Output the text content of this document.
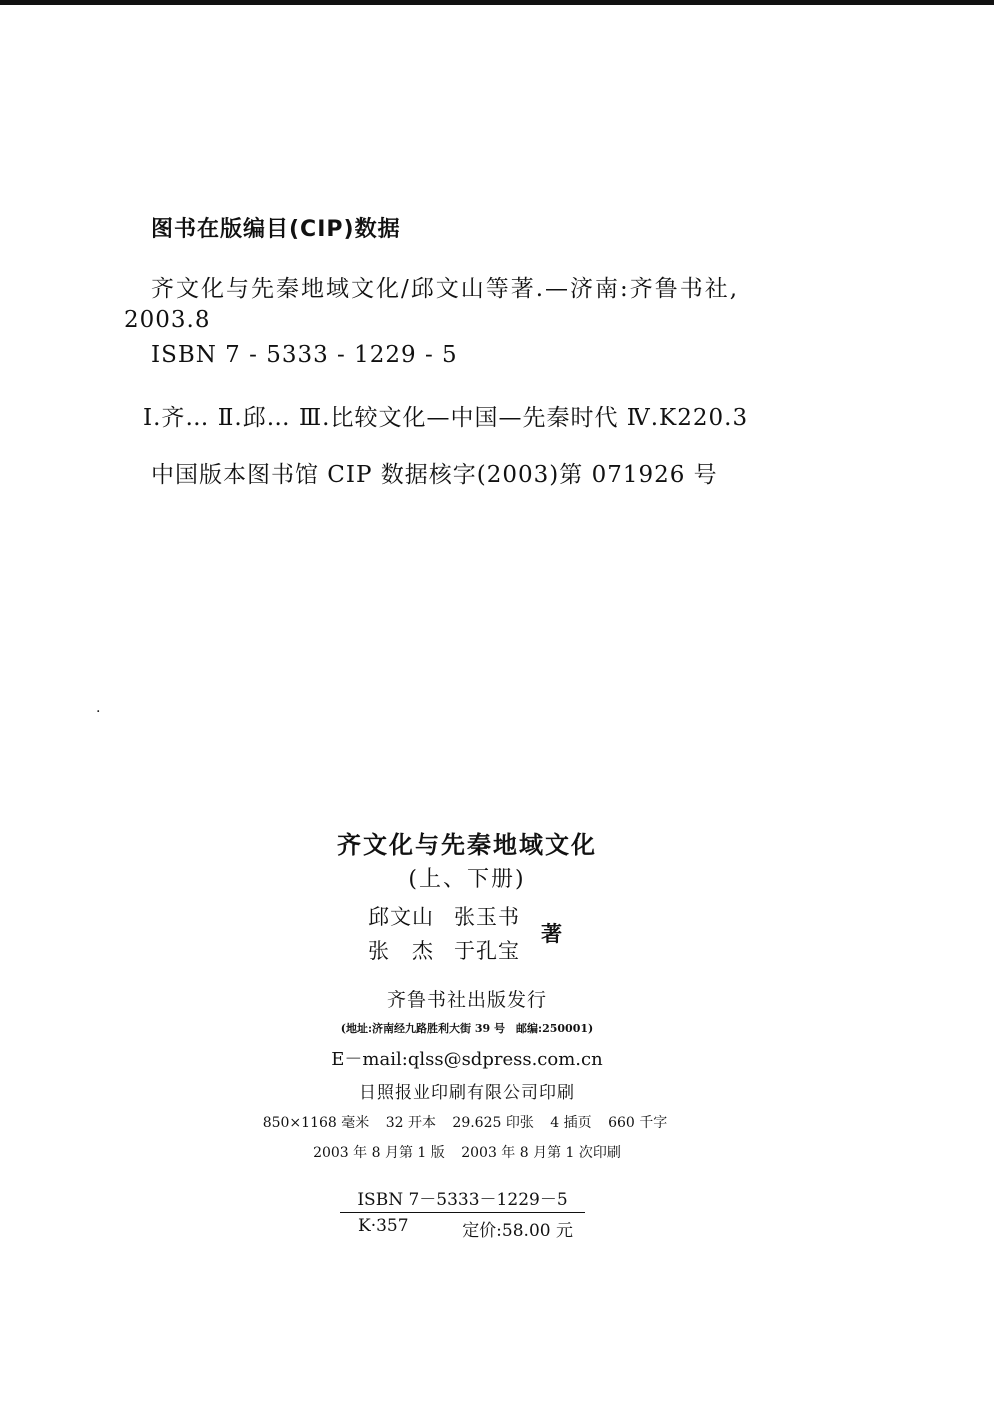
图书在版编目(CIP)数据
齐文化与先秦地域文化/邱文山等著.—济南:齐鲁书社,
2003.8
ISBN 7 - 5333 - 1229 - 5
Ⅰ.齐… Ⅱ.邱… Ⅲ.比较文化—中国—先秦时代 Ⅳ.K220.3
中国版本图书馆 CIP 数据核字(2003)第 071926 号
.
齐文化与先秦地域文化
(上、下册)
邱文山 张玉书
张　杰 于孔宝
著
齐鲁书社出版发行
(地址:济南经九路胜利大街 39 号　邮编:250001)
E－mail:qlss@sdpress.com.cn
日照报业印刷有限公司印刷
850×1168 毫米 32 开本 29.625 印张 4 插页 660 千字
2003 年 8 月第 1 版 2003 年 8 月第 1 次印刷
ISBN 7－5333－1229－5
K·357	定价:58.00 元
